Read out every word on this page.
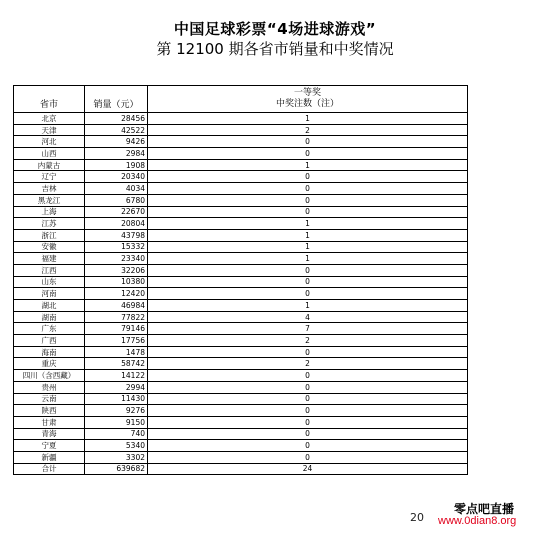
中国足球彩票“4场进球游戏”
第 12100 期各省市销量和中奖情况
省市	销量（元）	一等奖
中奖注数（注）

北京	28456	1
天津	42522	2
河北	9426	0
山西	2984	0
内蒙古	1908	1
辽宁	20340	0
吉林	4034	0
黑龙江	6780	0
上海	22670	0
江苏	20804	1
浙江	43798	1
安徽	15332	1
福建	23340	1
江西	32206	0
山东	10380	0
河南	12420	0
湖北	46984	1
湖南	77822	4
广东	79146	7
广西	17756	2
海南	1478	0
重庆	58742	2
四川（含西藏）	14122	0
贵州	2994	0
云南	11430	0
陕西	9276	0
甘肃	9150	0
青海	740	0
宁夏	5340	0
新疆	3302	0
合计	639682	24
20
零点吧直播
www.0dian8.org
